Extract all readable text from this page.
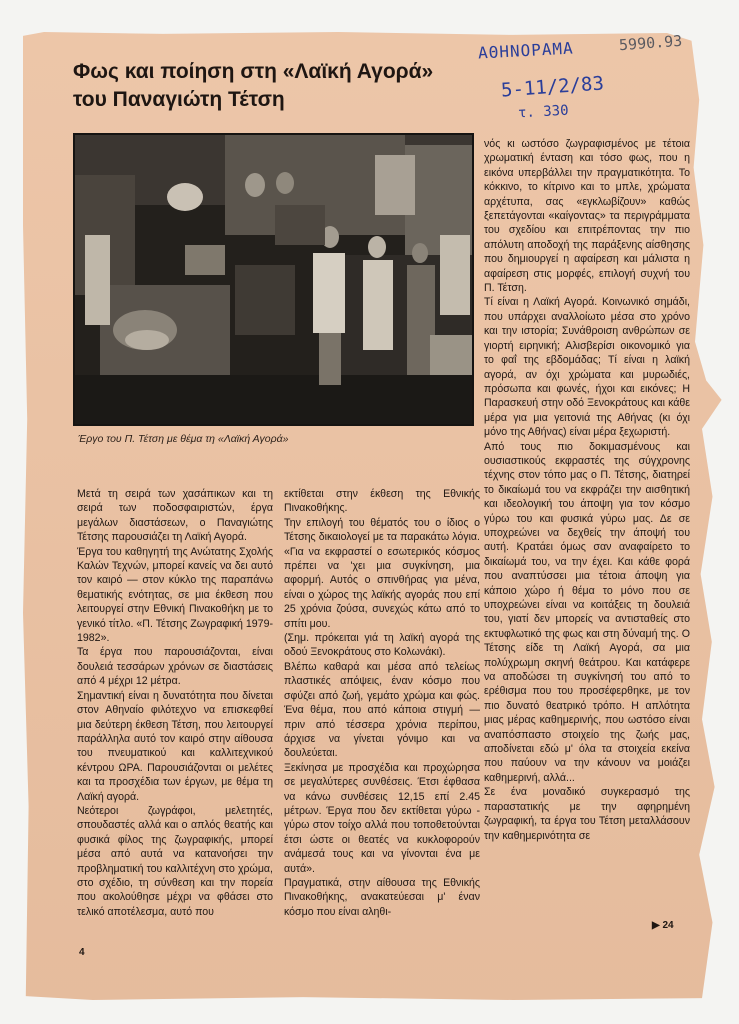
ΑΘΗΝΟΡΑΜΑ	5990.93
5-11/2/83
τ. 330
Φως και ποίηση στη «Λαϊκή Αγορά»
του Παναγιώτη Τέτση
Έργο του Π. Τέτση με θέμα τη «Λαϊκή Αγορά»

Μετά τη σειρά των χασάπικων και τη σειρά των ποδοσφαιριστών, έργα μεγάλων διαστάσεων, ο Παναγιώτης Τέτσης παρουσιάζει τη Λαϊκή Αγορά.

Έργα του καθηγητή της Ανώτατης Σχολής Καλών Τεχνών, μπορεί κανείς να δει αυτό τον καιρό — στον κύκλο της παραπάνω θεματικής ενότητας, σε μια έκθεση που λειτουργεί στην Εθνική Πινακοθήκη με το γενικό τίτλο. «Π. Τέτσης Ζωγραφική 1979-1982».

Τα έργα που παρουσιάζονται, είναι δουλειά τεσσάρων χρόνων σε διαστάσεις από 4 μέχρι 12 μέτρα.

Σημαντική είναι η δυνατότητα που δίνεται στον Αθηναίο φιλότεχνο να επισκεφθεί μια δεύτερη έκθεση Τέτση, που λειτουργεί παράλληλα αυτό τον καιρό στην αίθουσα του πνευματικού και καλλιτεχνικού κέντρου ΩΡΑ. Παρουσιάζονται οι μελέτες και τα προσχέδια των έργων, με θέμα τη Λαϊκή αγορά.

Νεότεροι ζωγράφοι, μελετητές, σπουδαστές αλλά και ο απλός θεατής και φυσικά φίλος της ζωγραφικής, μπορεί μέσα από αυτά να κατανοήσει την προβληματική του καλλιτέχνη στο χρώμα, στο σχέδιο, τη σύνθεση και την πορεία που ακολούθησε μέχρι να φθάσει στο τελικό αποτέλεσμα, αυτό που

εκτίθεται στην έκθεση της Εθνικής Πινακοθήκης.

Την επιλογή του θέματός του ο ίδιος ο Τέτσης δικαιολογεί με τα παρακάτω λόγια. «Για να εκφραστεί ο εσωτερικός κόσμος πρέπει να 'χει μια συγκίνηση, μια αφορμή. Αυτός ο σπινθήρας για μένα, είναι ο χώρος της λαϊκής αγοράς που επί 25 χρόνια ζούσα, συνεχώς κάτω από το σπίτι μου.

(Σημ. πρόκειται γιά τη λαϊκή αγορά της οδού Ξενοκράτους στο Κολωνάκι).

Βλέπω καθαρά και μέσα από τελείως πλαστικές απόψεις, έναν κόσμο που σφύζει από ζωή, γεμάτο χρώμα και φώς. Ένα θέμα, που από κάποια στιγμή — πριν από τέσσερα χρόνια περίπου, άρχισε να γίνεται γόνιμο και να δουλεύεται.

Ξεκίνησα με προσχέδια και προχώρησα σε μεγαλύτερες συνθέσεις. Έτσι έφθασα να κάνω συνθέσεις 12,15 επί 2.45 μέτρων. Έργα που δεν εκτίθεται γύρω - γύρω στον τοίχο αλλά που τοποθετούνται έτσι ώστε οι θεατές να κυκλοφορούν ανάμεσά τους και να γίνονται ένα με αυτά».

Πραγματικά, στην αίθουσα της Εθνικής Πινακοθήκης, ανακατεύεσαι μ' έναν κόσμο που είναι αληθι-

νός κι ωστόσο ζωγραφισμένος με τέτοια χρωματική ένταση και τόσο φως, που η εικόνα υπερβάλλει την πραγματικότητα. Το κόκκινο, το κίτρινο και το μπλε, χρώματα αρχέτυπα, σας «εγκλωβίζουν» καθώς ξεπετάγονται «καίγοντας» τα περιγράμματα του σχεδίου και επιτρέποντας την πιο απόλυτη αποδοχή της παράξενης αίσθησης που δημιουργεί η αφαίρεση και μάλιστα η αφαίρεση στις μορφές, επιλογή συχνή του Π. Τέτση.

Τί είναι η Λαϊκή Αγορά. Κοινωνικό σημάδι, που υπάρχει αναλλοίωτο μέσα στο χρόνο και την ιστορία; Συνάθροιση ανθρώπων σε γιορτή ειρηνική; Αλισβερίσι οικονομικό για το φαΐ της εβδομάδας; Τί είναι η λαϊκή αγορά, αν όχι χρώματα και μυρωδιές, πρόσωπα και φωνές, ήχοι και εικόνες; Η Παρασκευή στην οδό Ξενοκράτους και κάθε μέρα για μια γειτονιά της Αθήνας (κι όχι μόνο της Αθήνας) είναι μέρα ξεχωριστή.

Από τους πιο δοκιμασμένους και ουσιαστικούς εκφραστές της σύγχρονης τέχνης στον τόπο μας ο Π. Τέτσης, διατηρεί το δικαίωμά του να εκφράζει την αισθητική και ιδεολογική του άποψη για τον κόσμο γύρω του και φυσικά γύρω μας. Δε σε υποχρεώνει να δεχθείς την άποψή του αυτή. Κρατάει όμως σαν αναφαίρετο το δικαίωμά του, να την έχει. Και κάθε φορά που αναπτύσσει μια τέτοια άποψη για κάποιο χώρο ή θέμα το μόνο που σε υποχρεώνει είναι να κοιτάξεις τη δουλειά του, γιατί δεν μπορείς να αντισταθείς στο εκτυφλωτικό της φως και στη δύναμή της. Ο Τέτσης είδε τη Λαϊκή Αγορά, σα μια πολύχρωμη σκηνή θεάτρου. Και κατάφερε να αποδώσει τη συγκίνησή του από το ερέθισμα που του προσέφερθηκε, με τον πιο δυνατό θεατρικό τρόπο. Η απλότητα μιας μέρας καθημερινής, που ωστόσο είναι αναπόσπαστο στοιχείο της ζωής μας, αποδίνεται εδώ μ' όλα τα στοιχεία εκείνα που παύουν να την κάνουν να μοιάζει καθημερινή, αλλά...

Σε ένα μοναδικό συγκερασμό της παραστατικής με την αφηρημένη ζωγραφική, τα έργα του Τέτση μεταλλάσουν την καθημερινότητα σε

4
▶ 24
